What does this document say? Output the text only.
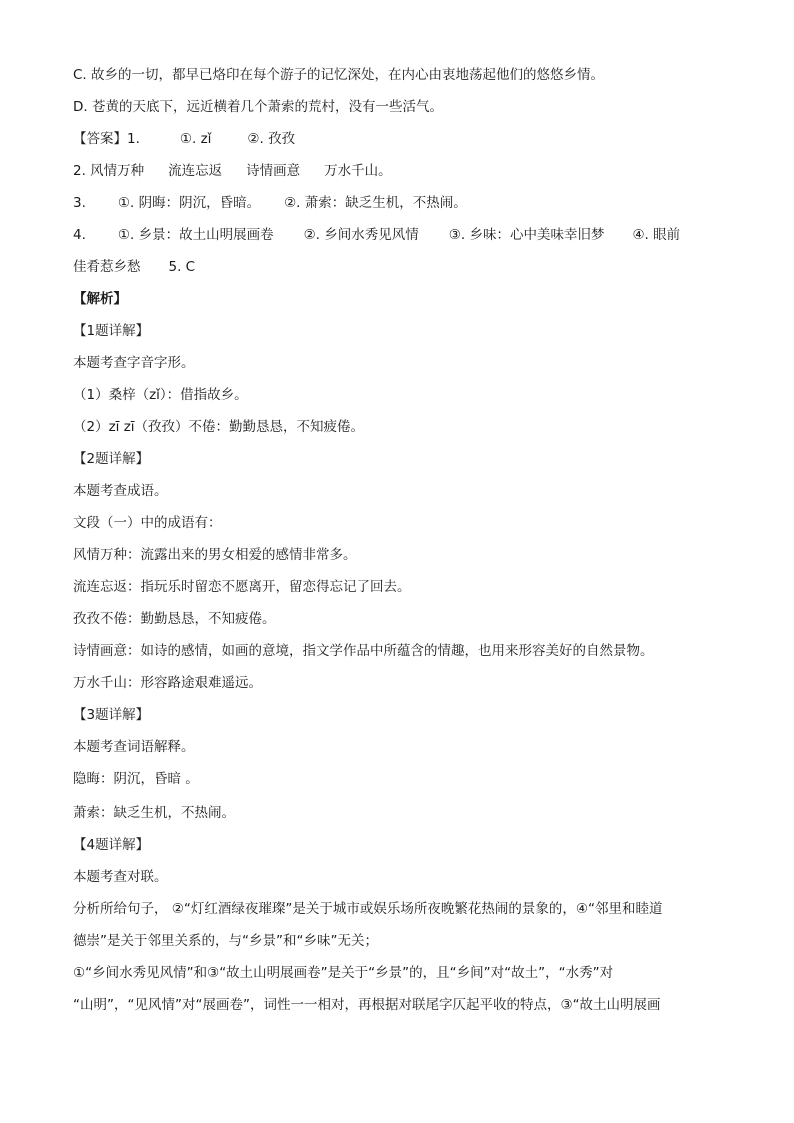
C. 故乡的一切，都早已烙印在每个游子的记忆深处，在内心由衷地荡起他们的悠悠乡情。
D. 苍黄的天底下，远近横着几个萧索的荒村，没有一些活气。
【答案】1.	①. zǐ	②. 孜孜
2. 风情万种 流连忘返 诗情画意 万水千山。
3. ①. 阴晦：阴沉，昏暗。 ②. 萧索：缺乏生机，不热闹。
4. ①. 乡景：故土山明展画卷 ②. 乡间水秀见风情 ③. 乡味：心中美味幸旧梦 ④. 眼前
佳肴惹乡愁 5. C
【解析】
【1题详解】
本题考查字音字形。
（1）桑梓（zǐ）：借指故乡。
（2）zī zī（孜孜）不倦：勤勤恳恳，不知疲倦。
【2题详解】
本题考查成语。
文段（一）中的成语有：
风情万种：流露出来的男女相爱的感情非常多。
流连忘返：指玩乐时留恋不愿离开，留恋得忘记了回去。
孜孜不倦：勤勤恳恳，不知疲倦。
诗情画意：如诗的感情，如画的意境，指文学作品中所蕴含的情趣，也用来形容美好的自然景物。
万水千山：形容路途艰难遥远。
【3题详解】
本题考查词语解释。
隐晦：阴沉，昏暗 。
萧索：缺乏生机，不热闹。
【4题详解】
本题考查对联。
分析所给句子， ②“灯红酒绿夜璀璨”是关于城市或娱乐场所夜晚繁花热闹的景象的，④“邻里和睦道
德崇”是关于邻里关系的，与“乡景”和“乡味”无关；
①“乡间水秀见风情”和③“故土山明展画卷”是关于“乡景”的，且“乡间”对“故土”，“水秀”对
“山明”，“见风情”对“展画卷”，词性一一相对，再根据对联尾字仄起平收的特点，③“故土山明展画
